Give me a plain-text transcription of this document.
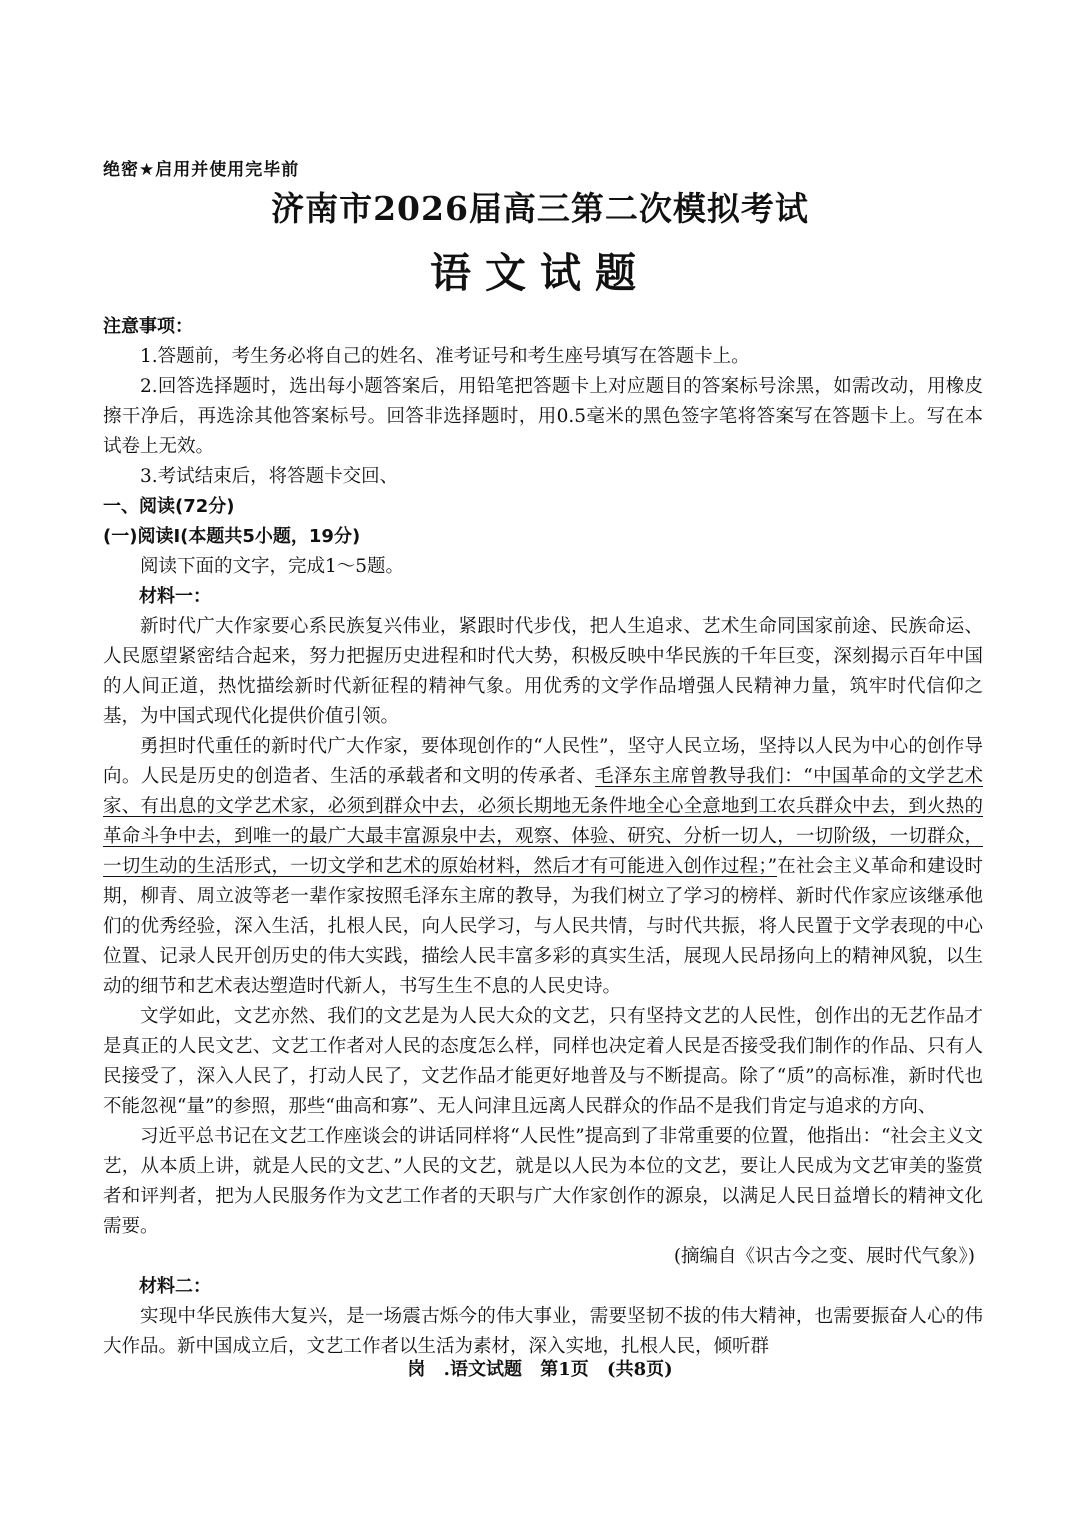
绝密★启用并使用完毕前
济南市2026届高三第二次模拟考试
语文试题
注意事项：

1.答题前，考生务必将自己的姓名、准考证号和考生座号填写在答题卡上。

2.回答选择题时，选出每小题答案后，用铅笔把答题卡上对应题目的答案标号涂黑，如需改动，用橡皮擦干净后，再选涂其他答案标号。回答非选择题时，用0.5毫米的黑色签字笔将答案写在答题卡上。写在本试卷上无效。

3.考试结束后，将答题卡交回、

一、阅读(72分)
(一)阅读Ⅰ(本题共5小题，19分)

阅读下面的文字，完成1～5题。

材料一：

新时代广大作家要心系民族复兴伟业，紧跟时代步伐，把人生追求、艺术生命同国家前途、民族命运、人民愿望紧密结合起来，努力把握历史进程和时代大势，积极反映中华民族的千年巨变，深刻揭示百年中国的人间正道，热忱描绘新时代新征程的精神气象。用优秀的文学作品增强人民精神力量，筑牢时代信仰之基，为中国式现代化提供价值引领。

勇担时代重任的新时代广大作家，要体现创作的“人民性”，坚守人民立场，坚持以人民为中心的创作导向。人民是历史的创造者、生活的承载者和文明的传承者、毛泽东主席曾教导我们：“中国革命的文学艺术家、有出息的文学艺术家，必须到群众中去，必须长期地无条件地全心全意地到工农兵群众中去，到火热的革命斗争中去，到唯一的最广大最丰富源泉中去，观察、体验、研究、分析一切人，一切阶级，一切群众，一切生动的生活形式，一切文学和艺术的原始材料，然后才有可能进入创作过程；”在社会主义革命和建设时期，柳青、周立波等老一辈作家按照毛泽东主席的教导，为我们树立了学习的榜样、新时代作家应该继承他们的优秀经验，深入生活，扎根人民，向人民学习，与人民共情，与时代共振，将人民置于文学表现的中心位置、记录人民开创历史的伟大实践，描绘人民丰富多彩的真实生活，展现人民昂扬向上的精神风貌，以生动的细节和艺术表达塑造时代新人，书写生生不息的人民史诗。

文学如此，文艺亦然、我们的文艺是为人民大众的文艺，只有坚持文艺的人民性，创作出的无艺作品才是真正的人民文艺、文艺工作者对人民的态度怎么样，同样也决定着人民是否接受我们制作的作品、只有人民接受了，深入人民了，打动人民了，文艺作品才能更好地普及与不断提高。除了“质”的高标准，新时代也不能忽视“量”的参照，那些“曲高和寡”、无人问津且远离人民群众的作品不是我们肯定与追求的方向、

习近平总书记在文艺工作座谈会的讲话同样将“人民性”提高到了非常重要的位置，他指出：“社会主义文艺，从本质上讲，就是人民的文艺、”人民的文艺，就是以人民为本位的文艺，要让人民成为文艺审美的鉴赏者和评判者，把为人民服务作为文艺工作者的天职与广大作家创作的源泉，以满足人民日益增长的精神文化需要。

(摘编自《识古今之变、展时代气象》)

材料二：

实现中华民族伟大复兴，是一场震古烁今的伟大事业，需要坚韧不拔的伟大精神，也需要振奋人心的伟大作品。新中国成立后，文艺工作者以生活为素材，深入实地，扎根人民，倾听群

岗 .语文试题 第1页 (共8页)
